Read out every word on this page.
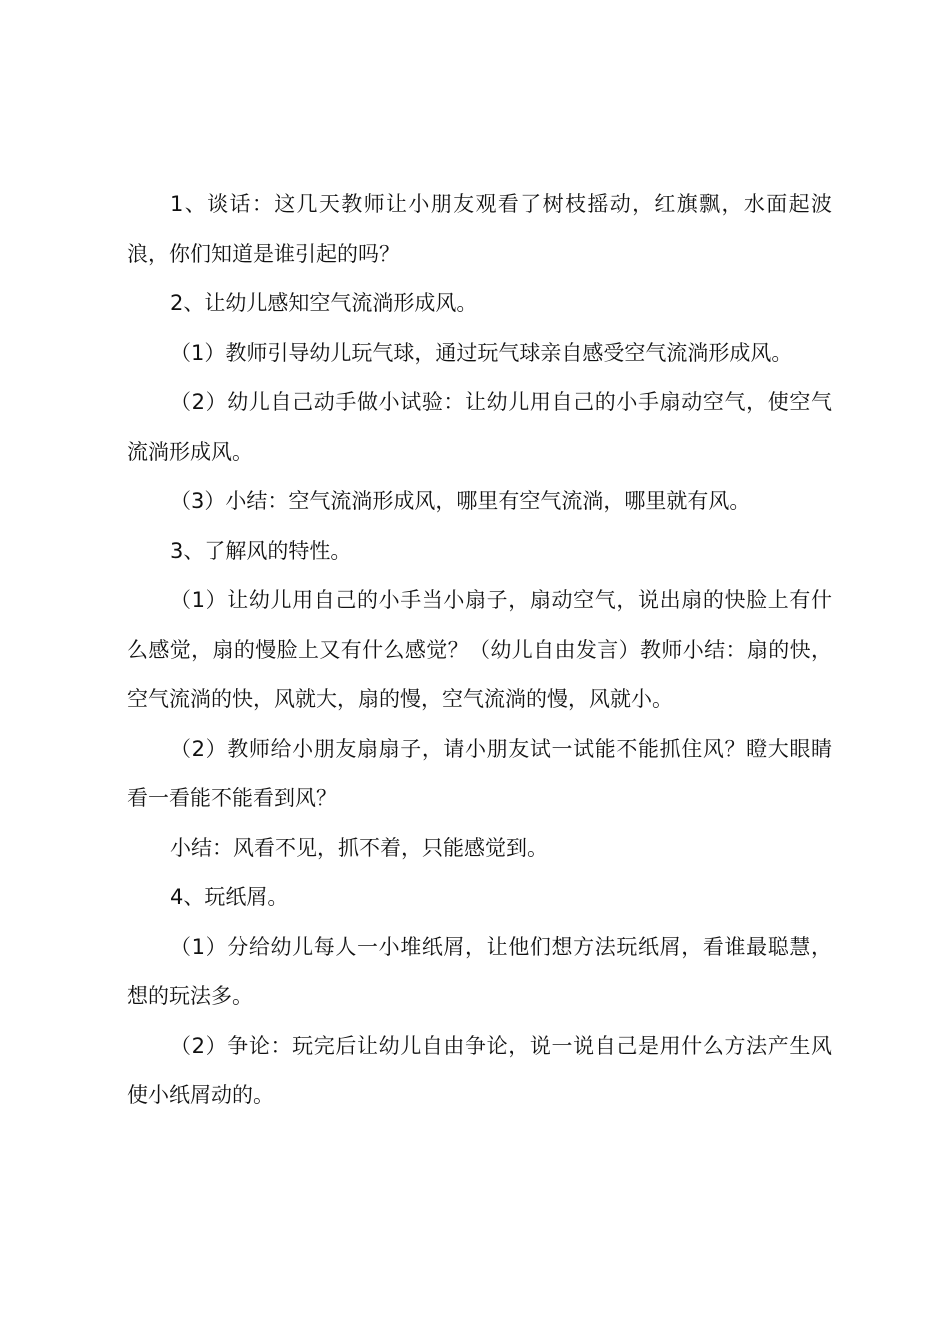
1、谈话：这几天教师让小朋友观看了树枝摇动，红旗飘，水面起波浪，你们知道是谁引起的吗？

2、让幼儿感知空气流淌形成风。

（1）教师引导幼儿玩气球，通过玩气球亲自感受空气流淌形成风。

（2）幼儿自己动手做小试验：让幼儿用自己的小手扇动空气，使空气流淌形成风。

（3）小结：空气流淌形成风，哪里有空气流淌，哪里就有风。

3、了解风的特性。

（1）让幼儿用自己的小手当小扇子，扇动空气，说出扇的快脸上有什么感觉，扇的慢脸上又有什么感觉？（幼儿自由发言）教师小结：扇的快，空气流淌的快，风就大，扇的慢，空气流淌的慢，风就小。

（2）教师给小朋友扇扇子，请小朋友试一试能不能抓住风？瞪大眼睛看一看能不能看到风？

小结：风看不见，抓不着，只能感觉到。

4、玩纸屑。

（1）分给幼儿每人一小堆纸屑，让他们想方法玩纸屑，看谁最聪慧，想的玩法多。

（2）争论：玩完后让幼儿自由争论，说一说自己是用什么方法产生风使小纸屑动的。
